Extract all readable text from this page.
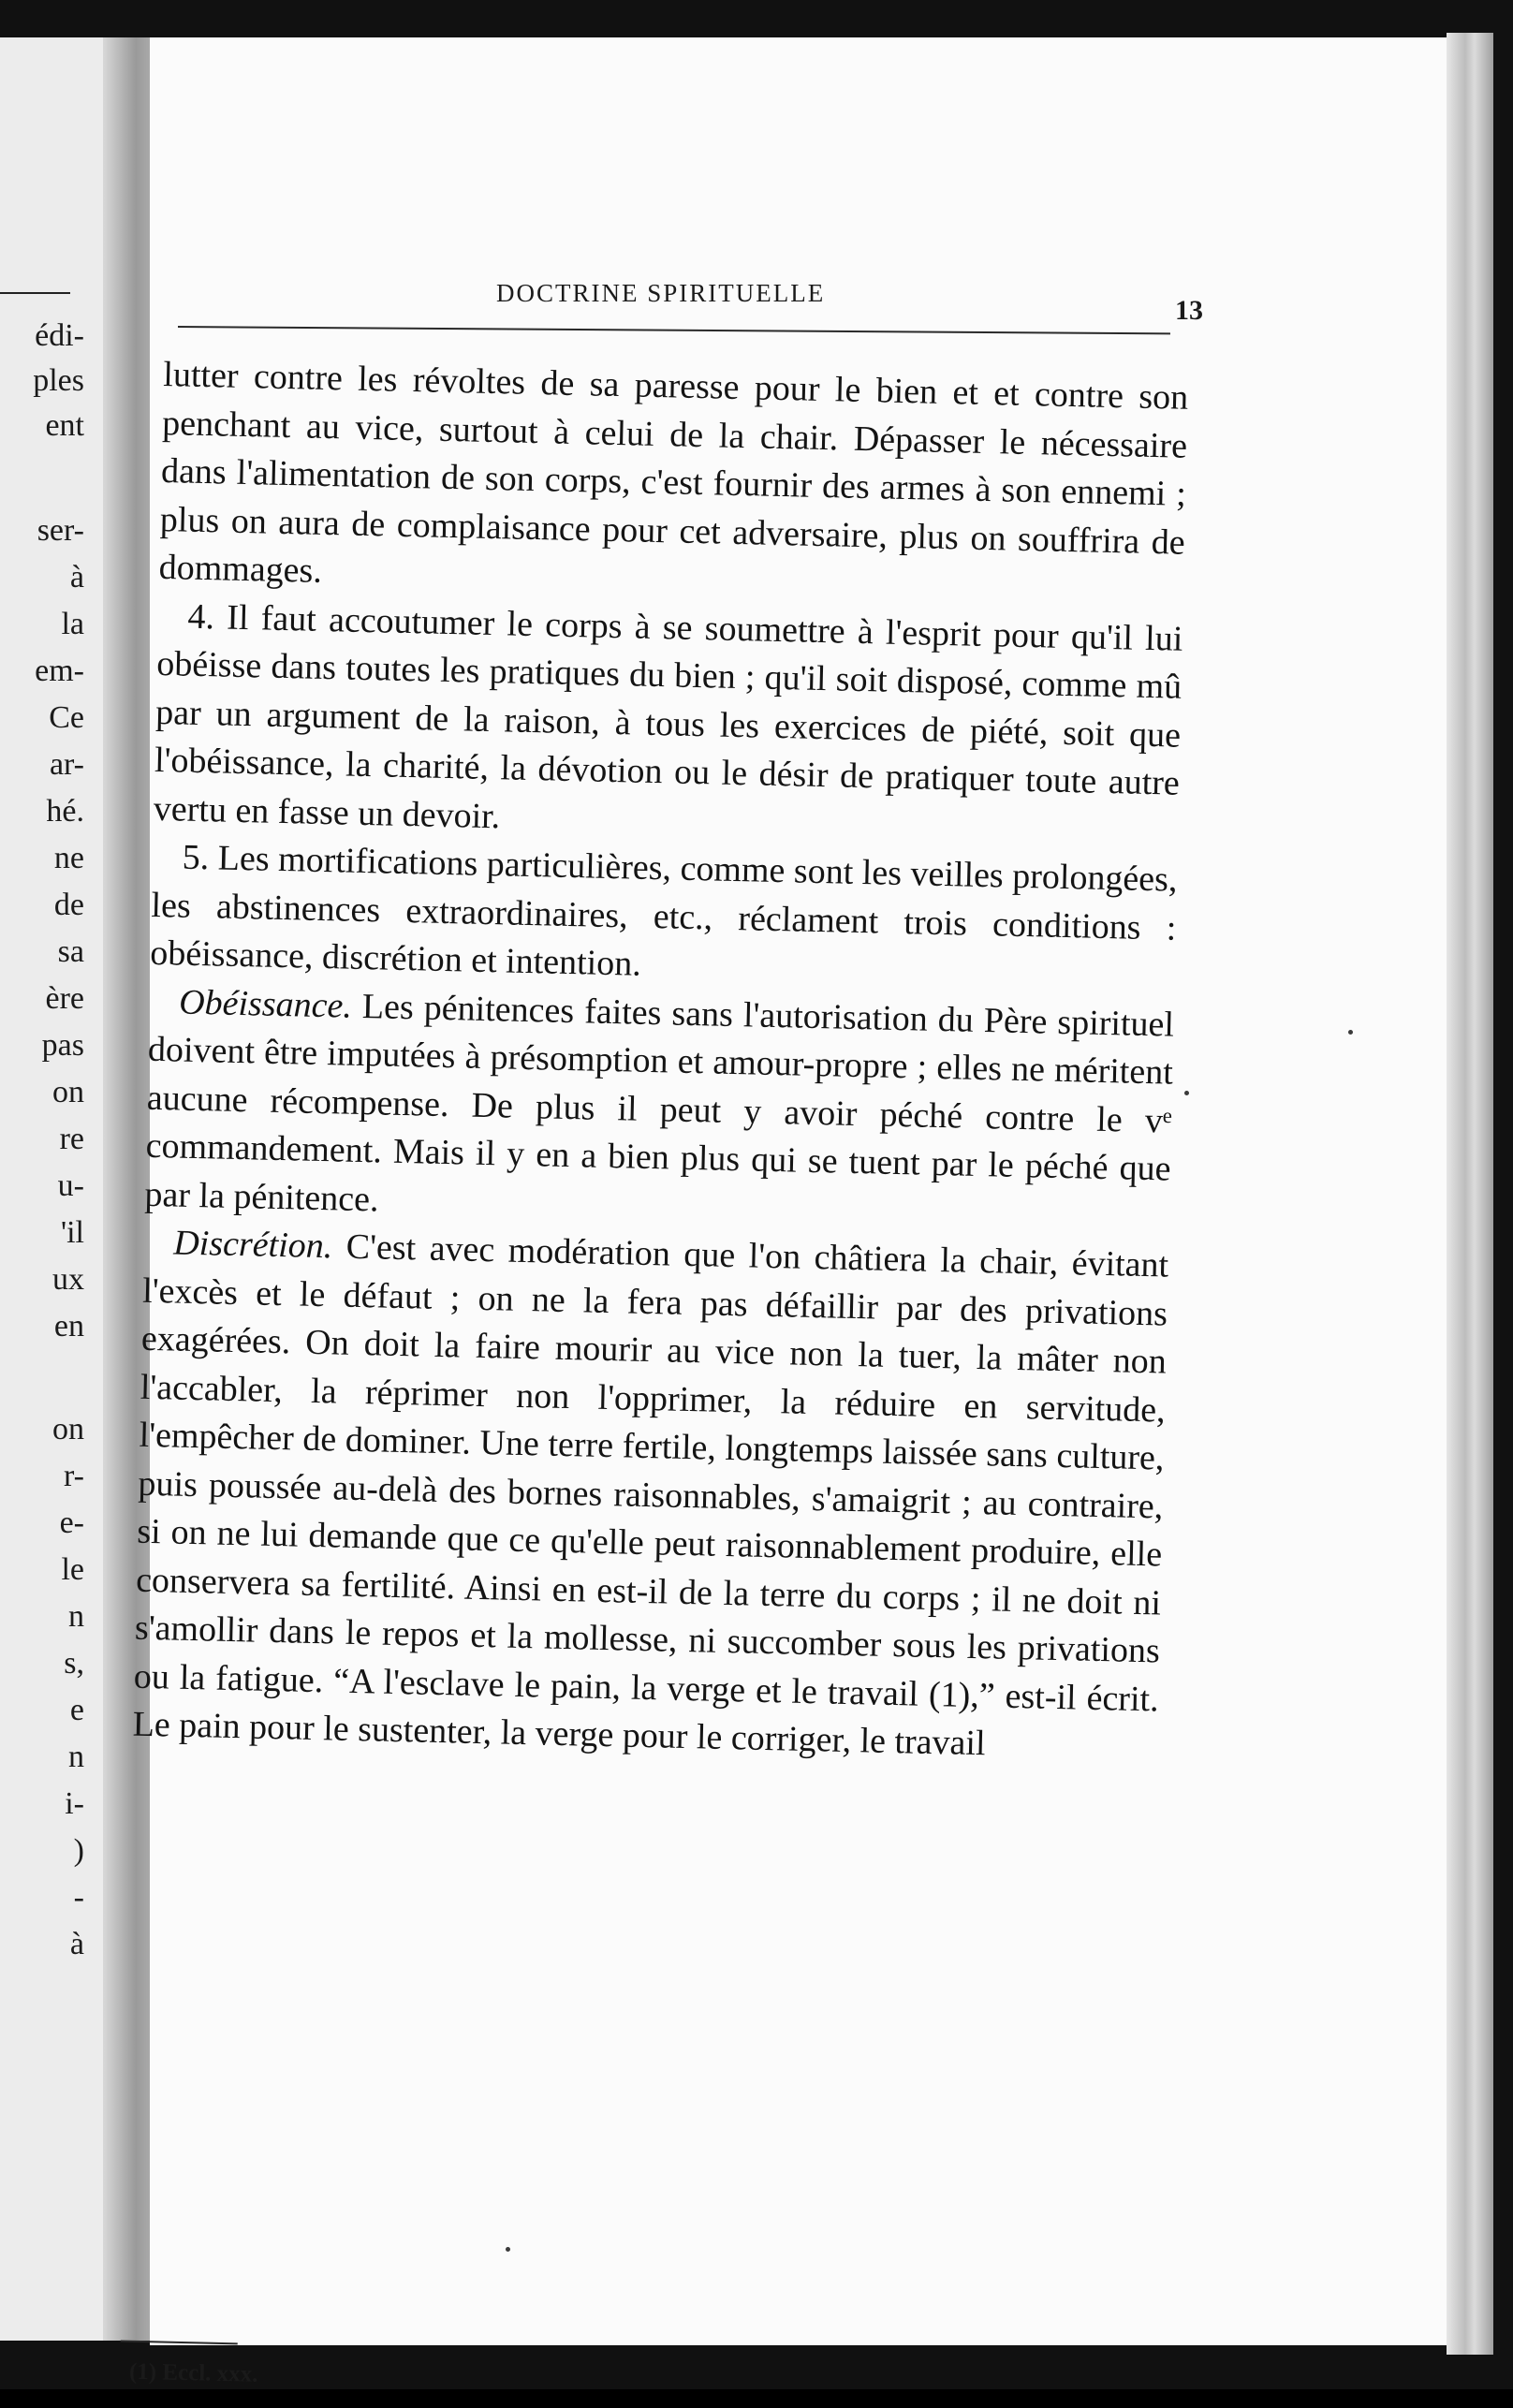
édi-
ples
ent
ser-
à
la
em-
Ce
ar-
hé.
ne
de
sa
ère
pas
on
re
u-
'il
ux
en
on
r-
e-
le
n
s,
e
n
i-
)
-
à
DOCTRINE SPIRITUELLE
13

lutter contre les révoltes de sa paresse pour le bien et et contre son penchant au vice, surtout à celui de la chair. Dépasser le nécessaire dans l'alimentation de son corps, c'est fournir des armes à son ennemi ; plus on aura de complaisance pour cet adversaire, plus on souffrira de dommages.

4. Il faut accoutumer le corps à se soumettre à l'esprit pour qu'il lui obéisse dans toutes les pratiques du bien ; qu'il soit disposé, comme mû par un argument de la raison, à tous les exercices de piété, soit que l'obéissance, la charité, la dévotion ou le désir de pratiquer toute autre vertu en fasse un devoir.

5. Les mortifications particulières, comme sont les veilles prolongées, les abstinences extraordinaires, etc., réclament trois conditions : obéissance, discrétion et intention.

Obéissance. Les pénitences faites sans l'autorisation du Père spirituel doivent être imputées à présomption et amour-propre ; elles ne méritent aucune récompense. De plus il peut y avoir péché contre le vᵉ commandement. Mais il y en a bien plus qui se tuent par le péché que par la pénitence.

Discrétion. C'est avec modération que l'on châtiera la chair, évitant l'excès et le défaut ; on ne la fera pas défaillir par des privations exagérées. On doit la faire mourir au vice non la tuer, la mâter non l'accabler, la réprimer non l'opprimer, la réduire en servitude, l'empêcher de dominer. Une terre fertile, longtemps laissée sans culture, puis poussée au-delà des bornes raisonnables, s'amaigrit ; au contraire, si on ne lui demande que ce qu'elle peut raisonnablement produire, elle conservera sa fertilité. Ainsi en est-il de la terre du corps ; il ne doit ni s'amollir dans le repos et la mollesse, ni succomber sous les privations ou la fatigue. “A l'esclave le pain, la verge et le travail (1),” est-il écrit. Le pain pour le sustenter, la verge pour le corriger, le travail

(1) Eccl. xxx.
